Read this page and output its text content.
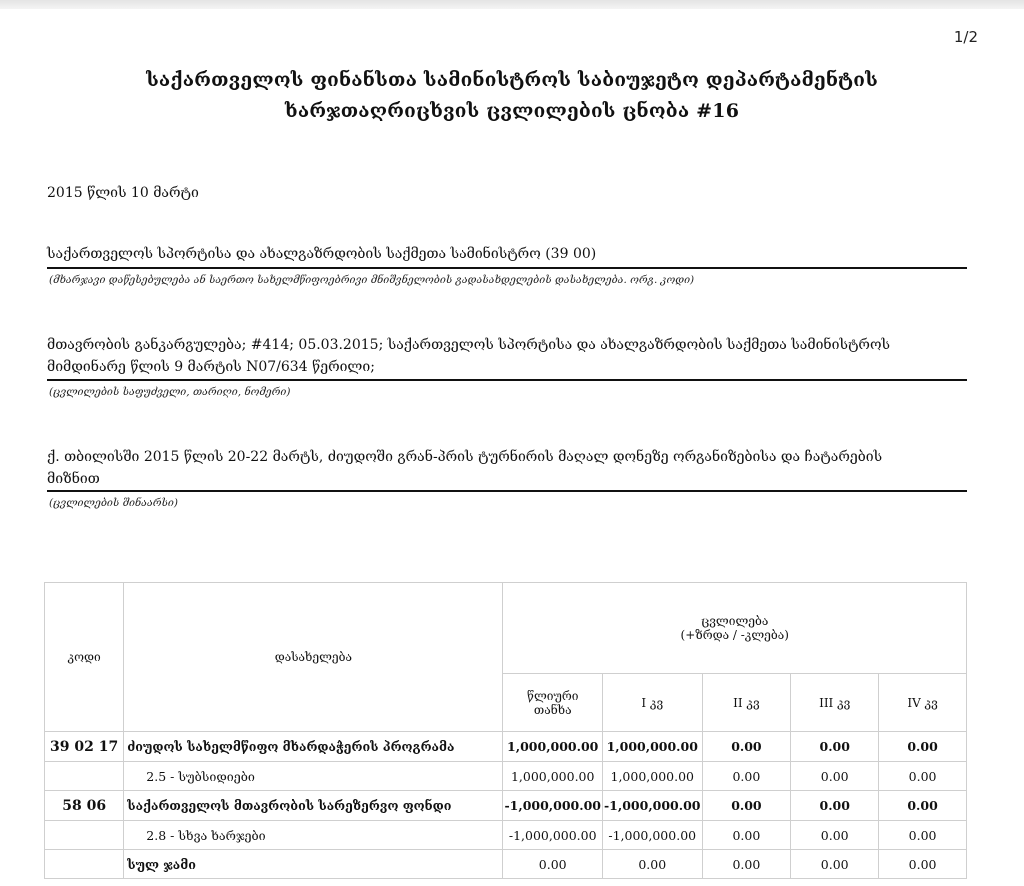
1/2
საქართველოს ფინანსთა სამინისტროს საბიუჯეტო დეპარტამენტის
ხარჯთაღრიცხვის ცვლილების ცნობა #16
2015 წლის 10 მარტი
საქართველოს სპორტისა და ახალგაზრდობის საქმეთა სამინისტრო (39 00)
(მხარჯავი დაწესებულება ან საერთო სახელმწიფოებრივი მნიშვნელობის გადასახდელების დასახელება. ორგ. კოდი)
მთავრობის განკარგულება; #414; 05.03.2015; საქართველოს სპორტისა და ახალგაზრდობის საქმეთა სამინისტროს
მიმდინარე წლის 9 მარტის N07/634 წერილი;
(ცვლილების საფუძველი, თარიღი, ნომერი)
ქ. თბილისში 2015 წლის 20-22 მარტს, ძიუდოში გრან-პრის ტურნირის მაღალ დონეზე ორგანიზებისა და ჩატარების
მიზნით
(ცვლილების შინაარსი)
კოდი	დასახელება	ცვლილება
(+ზრდა / -კლება)				

		წლიური
თანხა	I კვ	II კვ	III კვ	IV კვ
39 02 17	ძიუდოს სახელმწიფო მხარდაჭერის პროგრამა	1,000,000.00	1,000,000.00	0.00	0.00	0.00
	2.5 - სუბსიდიები	1,000,000.00	1,000,000.00	0.00	0.00	0.00
58 06	საქართველოს მთავრობის სარეზერვო ფონდი	-1,000,000.00	-1,000,000.00	0.00	0.00	0.00
	2.8 - სხვა ხარჯები	-1,000,000.00	-1,000,000.00	0.00	0.00	0.00
	სულ ჯამი	0.00	0.00	0.00	0.00	0.00
